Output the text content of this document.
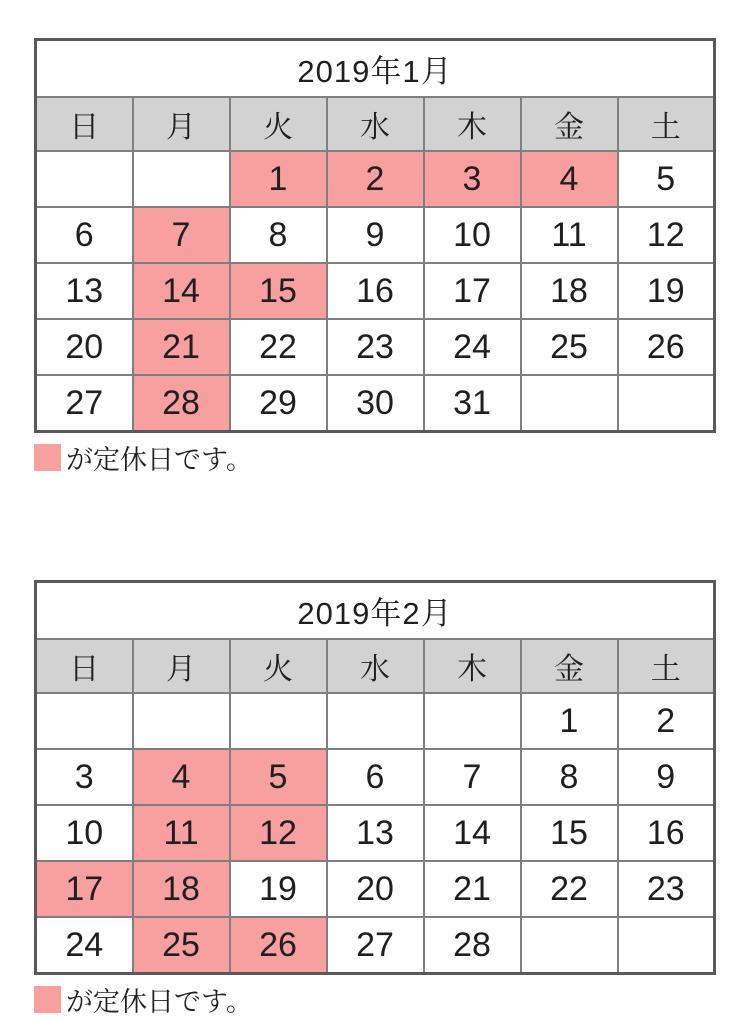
2019年1月						
日	月	火	水	木	金	土
		1	2	3	4	5
6	7	8	9	10	11	12
13	14	15	16	17	18	19
20	21	22	23	24	25	26
27	28	29	30	31		
が定休日です。
2019年2月						
日	月	火	水	木	金	土
					1	2
3	4	5	6	7	8	9
10	11	12	13	14	15	16
17	18	19	20	21	22	23
24	25	26	27	28		
が定休日です。
